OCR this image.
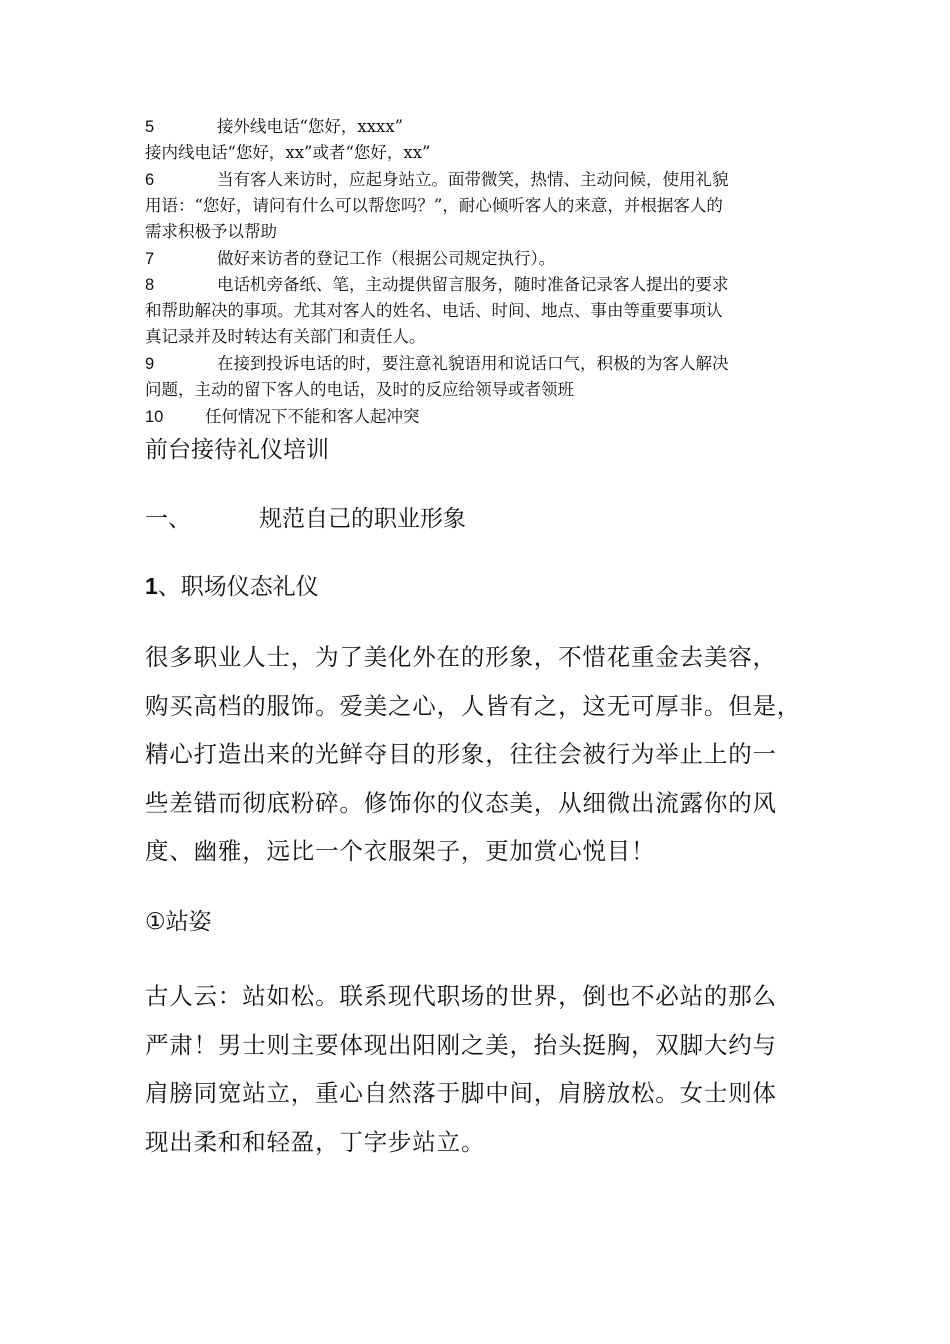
5	接外线电话“您好，xxxx”

接内线电话“您好，xx”或者“您好，xx”

6	当有客人来访时，应起身站立。面带微笑，热情、主动问候，使用礼貌
用语：“您好，请问有什么可以帮您吗？”，耐心倾听客人的来意，并根据客人的
需求积极予以帮助

7	做好来访者的登记工作（根据公司规定执行）。

8	电话机旁备纸、笔，主动提供留言服务，随时准备记录客人提出的要求
和帮助解决的事项。尤其对客人的姓名、电话、时间、地点、事由等重要事项认
真记录并及时转达有关部门和责任人。

9	在接到投诉电话的时，要注意礼貌语用和说话口气，积极的为客人解决
问题，主动的留下客人的电话，及时的反应给领导或者领班

10	任何情况下不能和客人起冲突

前台接待礼仪培训
一、	规范自己的职业形象
1、职场仪态礼仪

很多职业人士，为了美化外在的形象，不惜花重金去美容，
购买高档的服饰。爱美之心，人皆有之，这无可厚非。但是，
精心打造出来的光鲜夺目的形象，往往会被行为举止上的一
些差错而彻底粉碎。修饰你的仪态美，从细微出流露你的风
度、幽雅，远比一个衣服架子，更加赏心悦目！

①站姿

古人云：站如松。联系现代职场的世界，倒也不必站的那么
严肃！男士则主要体现出阳刚之美，抬头挺胸，双脚大约与
肩膀同宽站立，重心自然落于脚中间，肩膀放松。女士则体
现出柔和和轻盈，丁字步站立。
